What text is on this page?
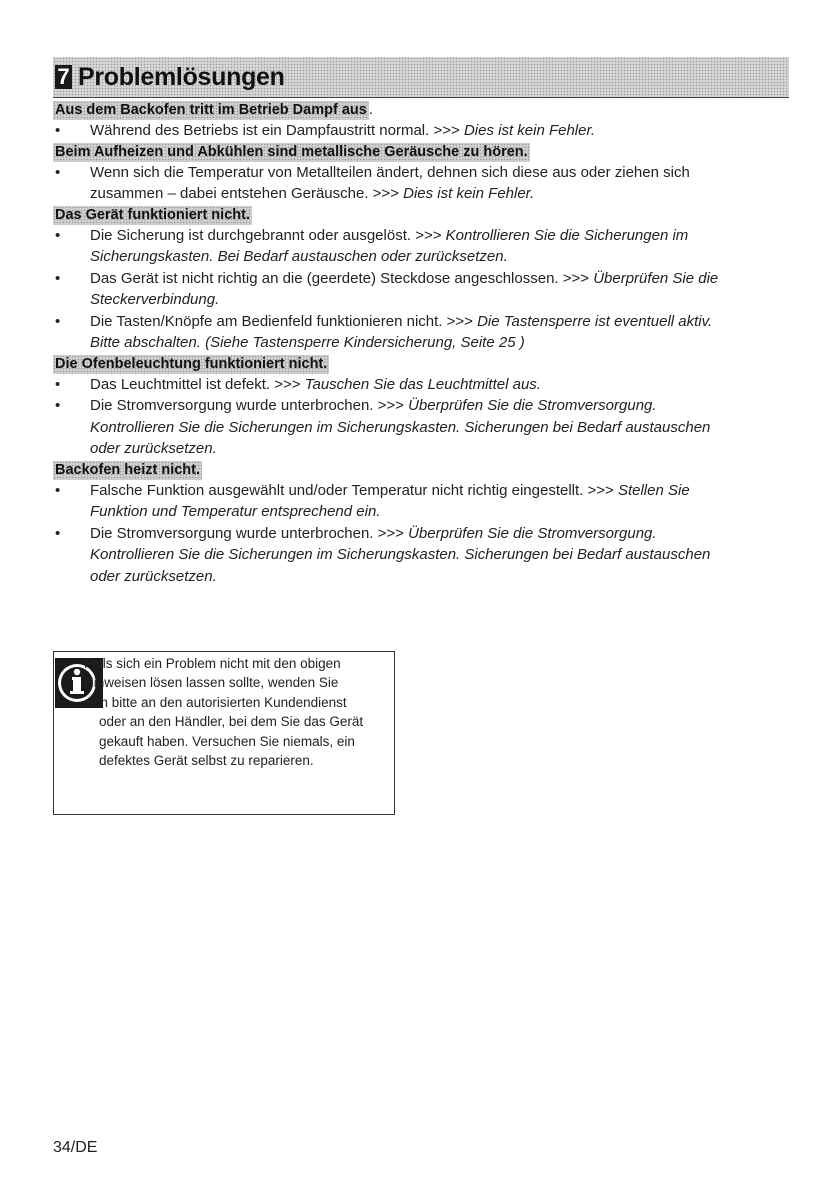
7 Problemlösungen
Aus dem Backofen tritt im Betrieb Dampf aus .
• Während des Betriebs ist ein Dampfaustritt normal. >>> Dies ist kein Fehler.
Beim Aufheizen und Abkühlen sind metallische Geräusche zu hören.
• Wenn sich die Temperatur von Metallteilen ändert, dehnen sich diese aus oder ziehen sich
zusammen – dabei entstehen Geräusche. >>> Dies ist kein Fehler.
Das Gerät funktioniert nicht.
• Die Sicherung ist durchgebrannt oder ausgelöst. >>> Kontrollieren Sie die Sicherungen im
Sicherungskasten. Bei Bedarf austauschen oder zurücksetzen.
• Das Gerät ist nicht richtig an die (geerdete) Steckdose angeschlossen. >>> Überprüfen Sie die
Steckerverbindung.
• Die Tasten/Knöpfe am Bedienfeld funktionieren nicht. >>> Die Tastensperre ist eventuell aktiv.
Bitte abschalten. (Siehe Tastensperre Kindersicherung, Seite 25 )
Die Ofenbeleuchtung funktioniert nicht.
• Das Leuchtmittel ist defekt. >>> Tauschen Sie das Leuchtmittel aus.
• Die Stromversorgung wurde unterbrochen. >>> Überprüfen Sie die Stromversorgung.
Kontrollieren Sie die Sicherungen im Sicherungskasten. Sicherungen bei Bedarf austauschen
oder zurücksetzen.
Backofen heizt nicht.
• Falsche Funktion ausgewählt und/oder Temperatur nicht richtig eingestellt. >>> Stellen Sie
Funktion und Temperatur entsprechend ein.
• Die Stromversorgung wurde unterbrochen. >>> Überprüfen Sie die Stromversorgung.
Kontrollieren Sie die Sicherungen im Sicherungskasten. Sicherungen bei Bedarf austauschen
oder zurücksetzen.
Falls sich ein Problem nicht mit den obigen
Hinweisen lösen lassen sollte, wenden Sie
sich bitte an den autorisierten Kundendienst
oder an den Händler, bei dem Sie das Gerät
gekauft haben. Versuchen Sie niemals, ein
defektes Gerät selbst zu reparieren.
34/DE
